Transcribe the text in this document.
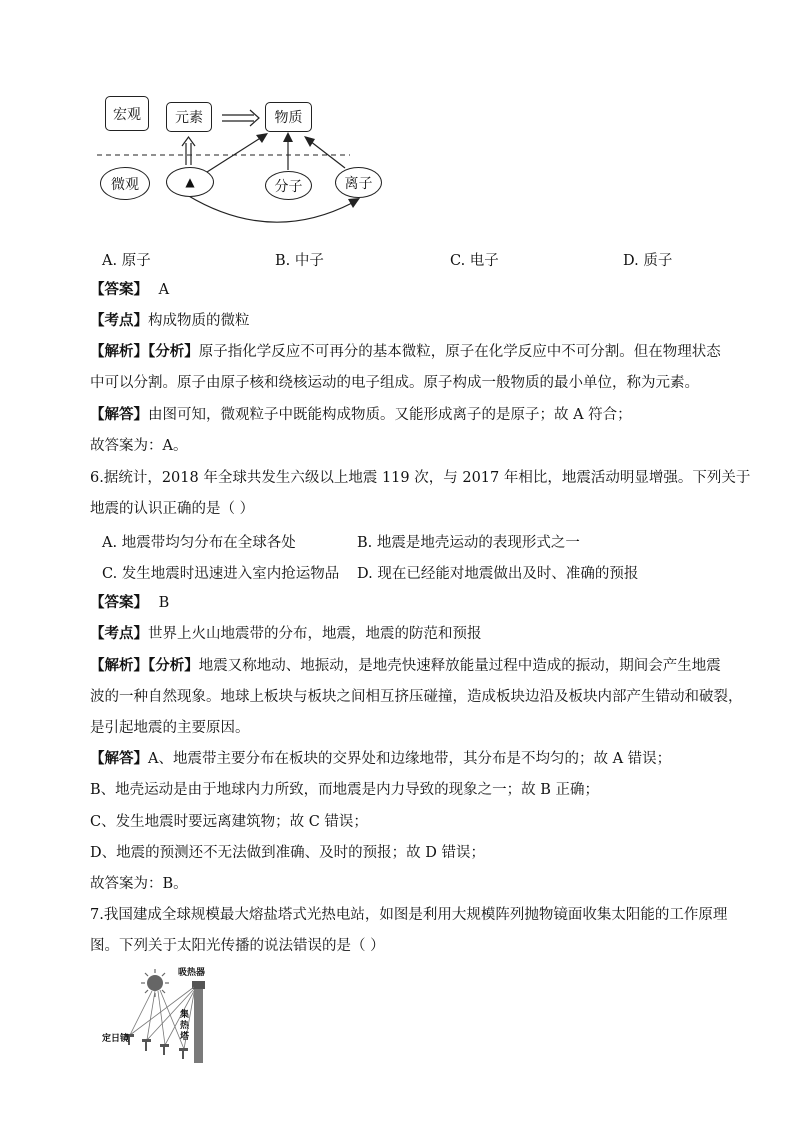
宏观	元素	物质
微观	▲	分子	离子
A. 原子	B. 中子	C. 电子	D. 质子
【答案】 A
【考点】构成物质的微粒
【解析】【分析】原子指化学反应不可再分的基本微粒，原子在化学反应中不可分割。但在物理状态
中可以分割。原子由原子核和绕核运动的电子组成。原子构成一般物质的最小单位，称为元素。
【解答】由图可知，微观粒子中既能构成物质。又能形成离子的是原子；故 A 符合；
故答案为：A。
6.据统计，2018 年全球共发生六级以上地震 119 次，与 2017 年相比，地震活动明显增强。下列关于
地震的认识正确的是（ ）
A. 地震带均匀分布在全球各处	B. 地震是地壳运动的表现形式之一
C. 发生地震时迅速进入室内抢运物品 D. 现在已经能对地震做出及时、准确的预报
【答案】 B
【考点】世界上火山地震带的分布，地震，地震的防范和预报
【解析】【分析】地震又称地动、地振动，是地壳快速释放能量过程中造成的振动，期间会产生地震
波的一种自然现象。地球上板块与板块之间相互挤压碰撞，造成板块边沿及板块内部产生错动和破裂，
是引起地震的主要原因。
【解答】A、地震带主要分布在板块的交界处和边缘地带，其分布是不均匀的；故 A 错误；
B、地壳运动是由于地球内力所致，而地震是内力导致的现象之一；故 B 正确；
C、发生地震时要远离建筑物；故 C 错误；
D、地震的预测还不无法做到准确、及时的预报；故 D 错误；
故答案为：B。
7.我国建成全球规模最大熔盐塔式光热电站，如图是利用大规模阵列抛物镜面收集太阳能的工作原理
图。下列关于太阳光传播的说法错误的是（ ）
吸热器
集热塔
定日镜
